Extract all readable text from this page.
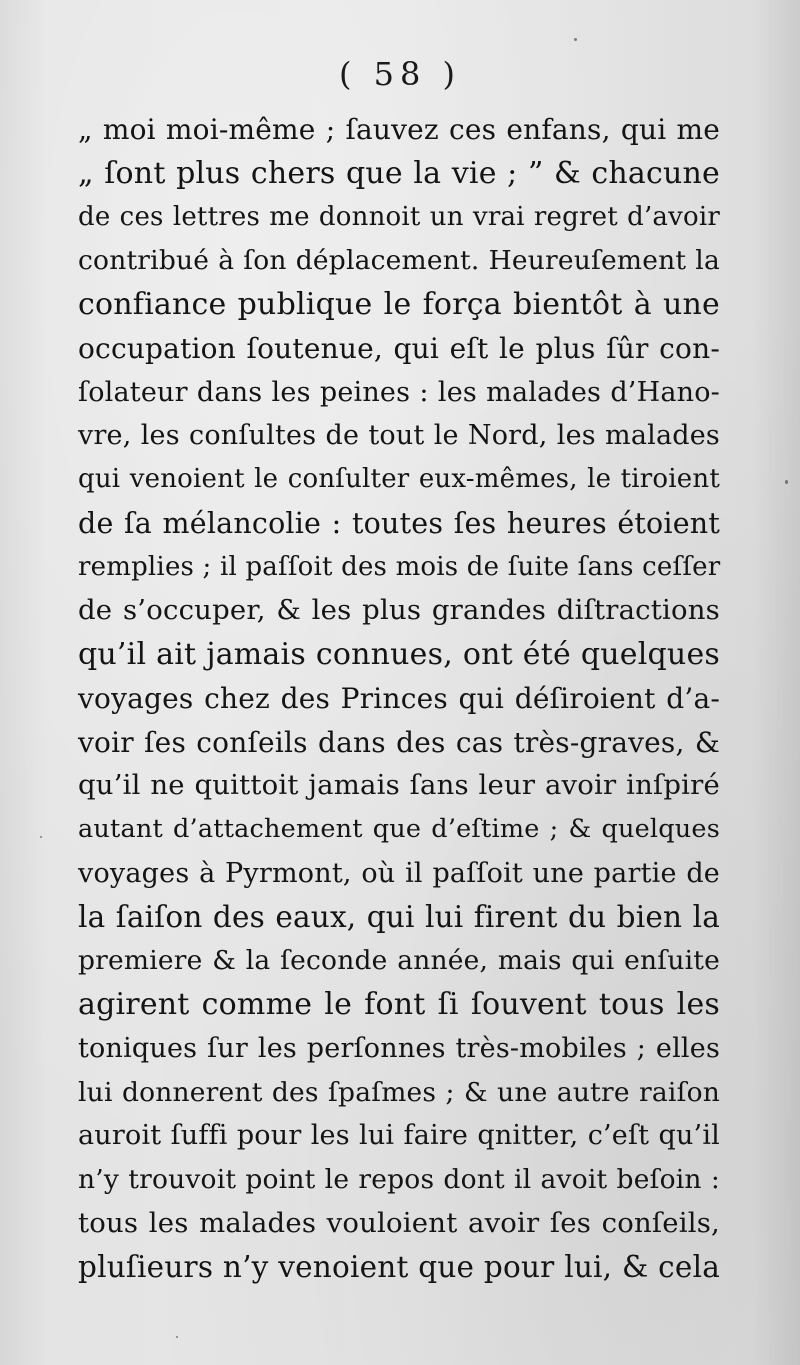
( 58 )
„ moi moi-même ; ſauvez ces enfans, qui me
„ ſont plus chers que la vie ; ” & chacune
de ces lettres me donnoit un vrai regret d’avoir
contribué à ſon déplacement. Heureuſement la
confiance publique le força bientôt à une
occupation ſoutenue, qui eſt le plus ſûr con-
ſolateur dans les peines : les malades d’Hano-
vre, les conſultes de tout le Nord, les malades
qui venoient le conſulter eux-mêmes, le tiroient
de ſa mélancolie : toutes ſes heures étoient
remplies ; il paſſoit des mois de ſuite ſans ceſſer
de s’occuper, & les plus grandes diſtractions
qu’il ait jamais connues, ont été quelques
voyages chez des Princes qui déſiroient d’a-
voir ſes conſeils dans des cas très-graves, &
qu’il ne quittoit jamais ſans leur avoir inſpiré
autant d’attachement que d’eſtime ; & quelques
voyages à Pyrmont, où il paſſoit une partie de
la ſaiſon des eaux, qui lui firent du bien la
premiere & la ſeconde année, mais qui enſuite
agirent comme le font ſi ſouvent tous les
toniques ſur les perſonnes très-mobiles ; elles
lui donnerent des ſpaſmes ; & une autre raiſon
auroit ſuffi pour les lui faire qnitter, c’eſt qu’il
n’y trouvoit point le repos dont il avoit beſoin :
tous les malades vouloient avoir ſes conſeils,
pluſieurs n’y venoient que pour lui, & cela
